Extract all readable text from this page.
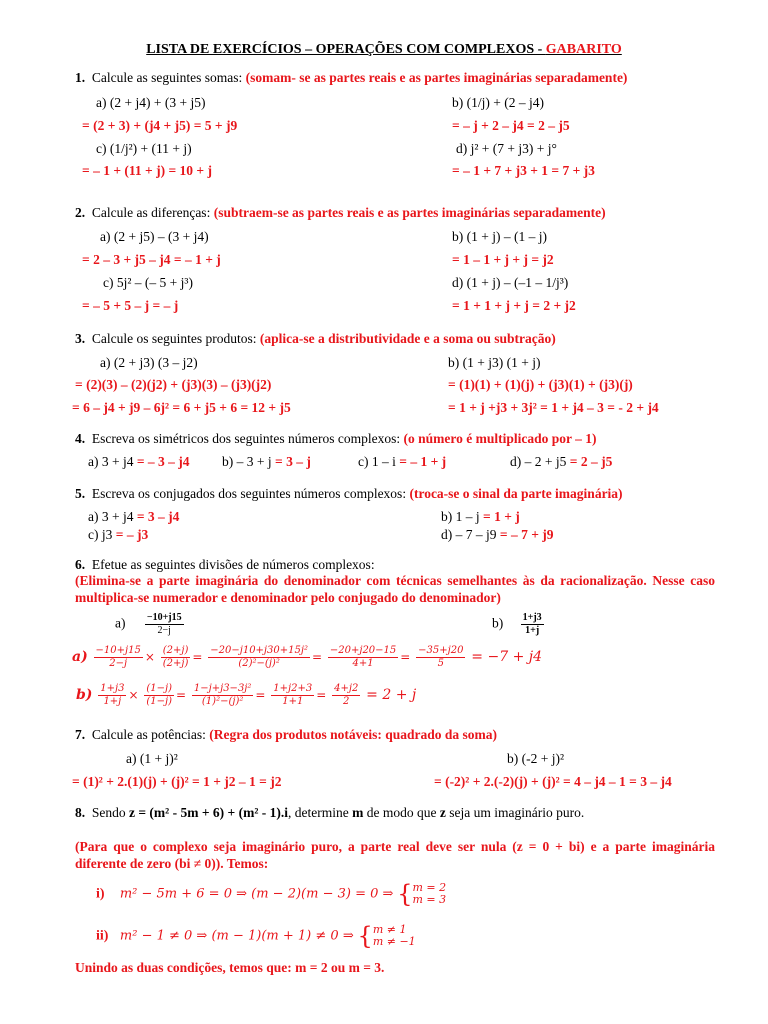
LISTA DE EXERCÍCIOS – OPERAÇÕES COM COMPLEXOS - GABARITO
1. Calcule as seguintes somas: (somam- se as partes reais e as partes imaginárias separadamente)
a) (2 + j4) + (3 + j5)	b) (1/j) + (2 – j4)
= (2 + 3) + (j4 + j5) = 5 + j9	= – j + 2 – j4 = 2 – j5
c) (1/j²) + (11 + j)	d) j² + (7 + j3) + j°
= – 1 + (11 + j) = 10 + j	= – 1 + 7 + j3 + 1 = 7 + j3
2. Calcule as diferenças: (subtraem-se as partes reais e as partes imaginárias separadamente)
a) (2 + j5) – (3 + j4)	b) (1 + j) – (1 – j)
= 2 – 3 + j5 – j4 = – 1 + j	= 1 – 1 + j + j = j2
c) 5j² – (– 5 + j³)	d) (1 + j) – (–1 – 1/j³)
= – 5 + 5 – j = – j	= 1 + 1 + j + j = 2 + j2
3. Calcule os seguintes produtos: (aplica-se a distributividade e a soma ou subtração)
a) (2 + j3) (3 – j2)	b) (1 + j3) (1 + j)
= (2)(3) – (2)(j2) + (j3)(3) – (j3)(j2)	= (1)(1) + (1)(j) + (j3)(1) + (j3)(j)
= 6 – j4 + j9 – 6j² = 6 + j5 + 6 = 12 + j5	= 1 + j +j3 + 3j² = 1 + j4 – 3 = - 2 + j4
4. Escreva os simétricos dos seguintes números complexos: (o número é multiplicado por – 1)
a) 3 + j4 = – 3 – j4 b) – 3 + j = 3 – j	c) 1 – i = – 1 + j	d) – 2 + j5 = 2 – j5
5. Escreva os conjugados dos seguintes números complexos: (troca-se o sinal da parte imaginária)
a) 3 + j4 = 3 – j4	b) 1 – j = 1 + j
c) j3 = – j3	d) – 7 – j9 = – 7 + j9
6. Efetue as seguintes divisões de números complexos:
(Elimina-se a parte imaginária do denominador com técnicas semelhantes às da racionalização. Nesse caso multiplica-se numerador e denominador pelo conjugado do denominador)
$a) \frac{-10+j15}{2-j}$	$b) \frac{1+j3}{1+j}$
$a) \frac{-10+j15}{2-j} \times \frac{(2+j)}{(2+j)} = \frac{\text{−20−j10+j30+15j²}}{\text{(2)²−(j)²}} = \frac{-20+j20-15}{4+1} = \frac{-35+j20}{5} = -7 + j4$
$b) \frac{1+j3}{1+j} \times \frac{(1-j)}{(1-j)} = \frac{\text{1−j+j3−3j²}}{\text{(1)²−(j)²}} = \frac{1+j2+3}{1+1} = \frac{4+j2}{2} = 2 + j$
7. Calcule as potências: (Regra dos produtos notáveis: quadrado da soma)
a) (1 + j)²	b) (-2 + j)²
= (1)² + 2.(1)(j) + (j)² = 1 + j2 – 1 = j2	= (-2)² + 2.(-2)(j) + (j)² = 4 – j4 – 1 = 3 – j4
8. Sendo z = (m² - 5m + 6) + (m² - 1).i, determine m de modo que z seja um imaginário puro.
(Para que o complexo seja imaginário puro, a parte real deve ser nula (z = 0 + bi) e a parte imaginária diferente de zero (bi ≠ 0)). Temos:
i) m² − 5m + 6 = 0 ⇒ (m − 2)(m − 3) = 0 ⇒ { m = 2
m = 3
ii) m² − 1 ≠ 0 ⇒ (m − 1)(m + 1) ≠ 0 ⇒ { m ≠ 1
m ≠ −1
Unindo as duas condições, temos que: m = 2 ou m = 3.
